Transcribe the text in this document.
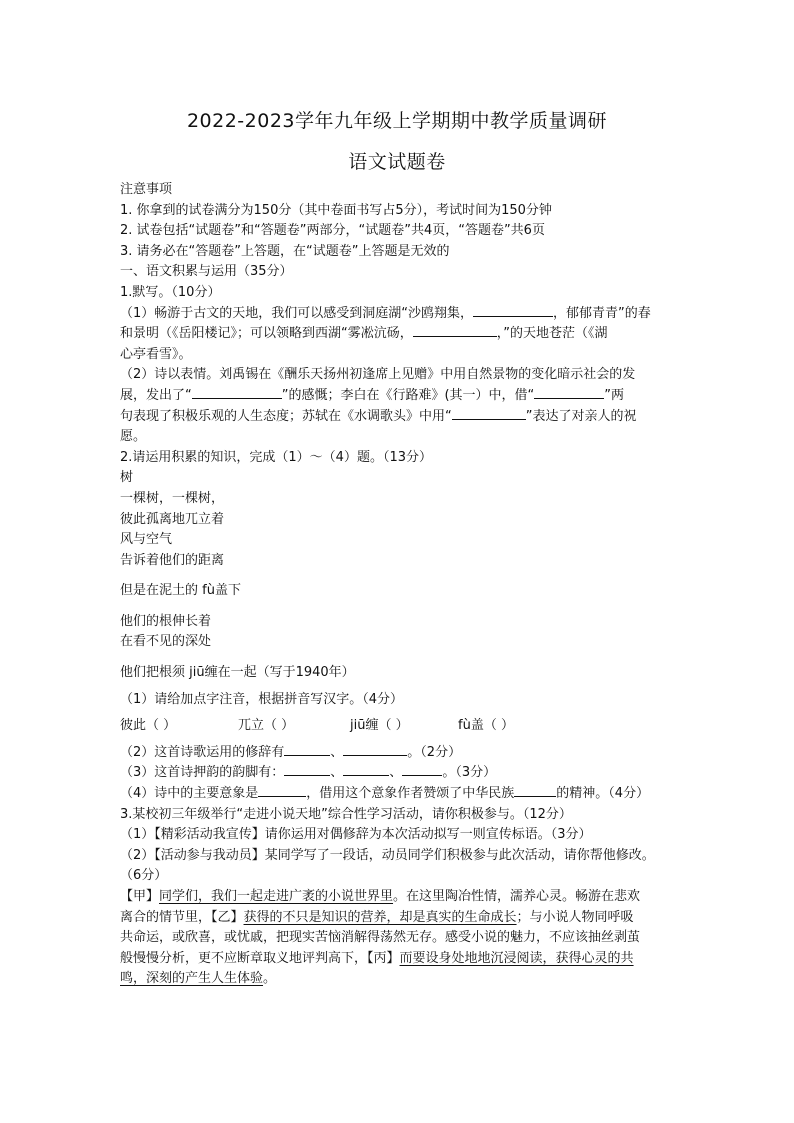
2022-2023学年九年级上学期期中教学质量调研
语文试题卷
注意事项
1. 你拿到的试卷满分为150分（其中卷面书写占5分），考试时间为150分钟
2. 试卷包括“试题卷”和“答题卷”两部分，“试题卷”共4页，“答题卷”共6页
3. 请务必在“答题卷”上答题，在“试题卷”上答题是无效的
一、语文积累与运用（35分）
1.默写。（10分）
（1）畅游于古文的天地，我们可以感受到洞庭湖“沙鸥翔集，	，郁郁青青”的春
和景明（《岳阳楼记》；可以领略到西湖“雾凇沆砀，	，”的天地苍茫（《湖
心亭看雪》。
（2）诗以表情。刘禹锡在《酬乐天扬州初逢席上见赠》中用自然景物的变化暗示社会的发
展，发出了“	”的感慨；李白在《行路难》(其一）中，借“	”两
句表现了积极乐观的人生态度；苏轼在《水调歌头》中用“	”表达了对亲人的祝
愿。
2.请运用积累的知识，完成（1）～（4）题。（13分）
树
一棵树，一棵树，
彼此孤离地兀立着
风与空气
告诉着他们的距离
但是在泥土的 fù盖下
他们的根伸长着
在看不见的深处
他们把根须 jiū缠在一起（写于1940年）
（1）请给加点字注音，根据拼音写汉字。（4分）
彼此（ ）	兀立（ ）	jiū缠（ ）	fù盖（ ）
（2）这首诗歌运用的修辞有	、	。（2分）
（3）这首诗押韵的韵脚有：	、	、	。（3分）
（4）诗中的主要意象是	，借用这个意象作者赞颂了中华民族	的精神。（4分）
3.某校初三年级举行“走进小说天地”综合性学习活动，请你积极参与。（12分）
（1）【精彩活动我宣传】请你运用对偶修辞为本次活动拟写一则宣传标语。（3分）
（2）【活动参与我动员】某同学写了一段话，动员同学们积极参与此次活动，请你帮他修改。
（6分）
【甲】同学们，我们一起走进广袤的小说世界里。在这里陶冶性情，濡养心灵。畅游在悲欢
离合的情节里，【乙】获得的不只是知识的营养，却是真实的生命成长；与小说人物同呼吸
共命运，或欣喜，或忧戚，把现实苦恼消解得荡然无存。感受小说的魅力，不应该抽丝剥茧
般慢慢分析，更不应断章取义地评判高下，【丙】而要设身处地地沉浸阅读，获得心灵的共
鸣，深刻的产生人生体验。
